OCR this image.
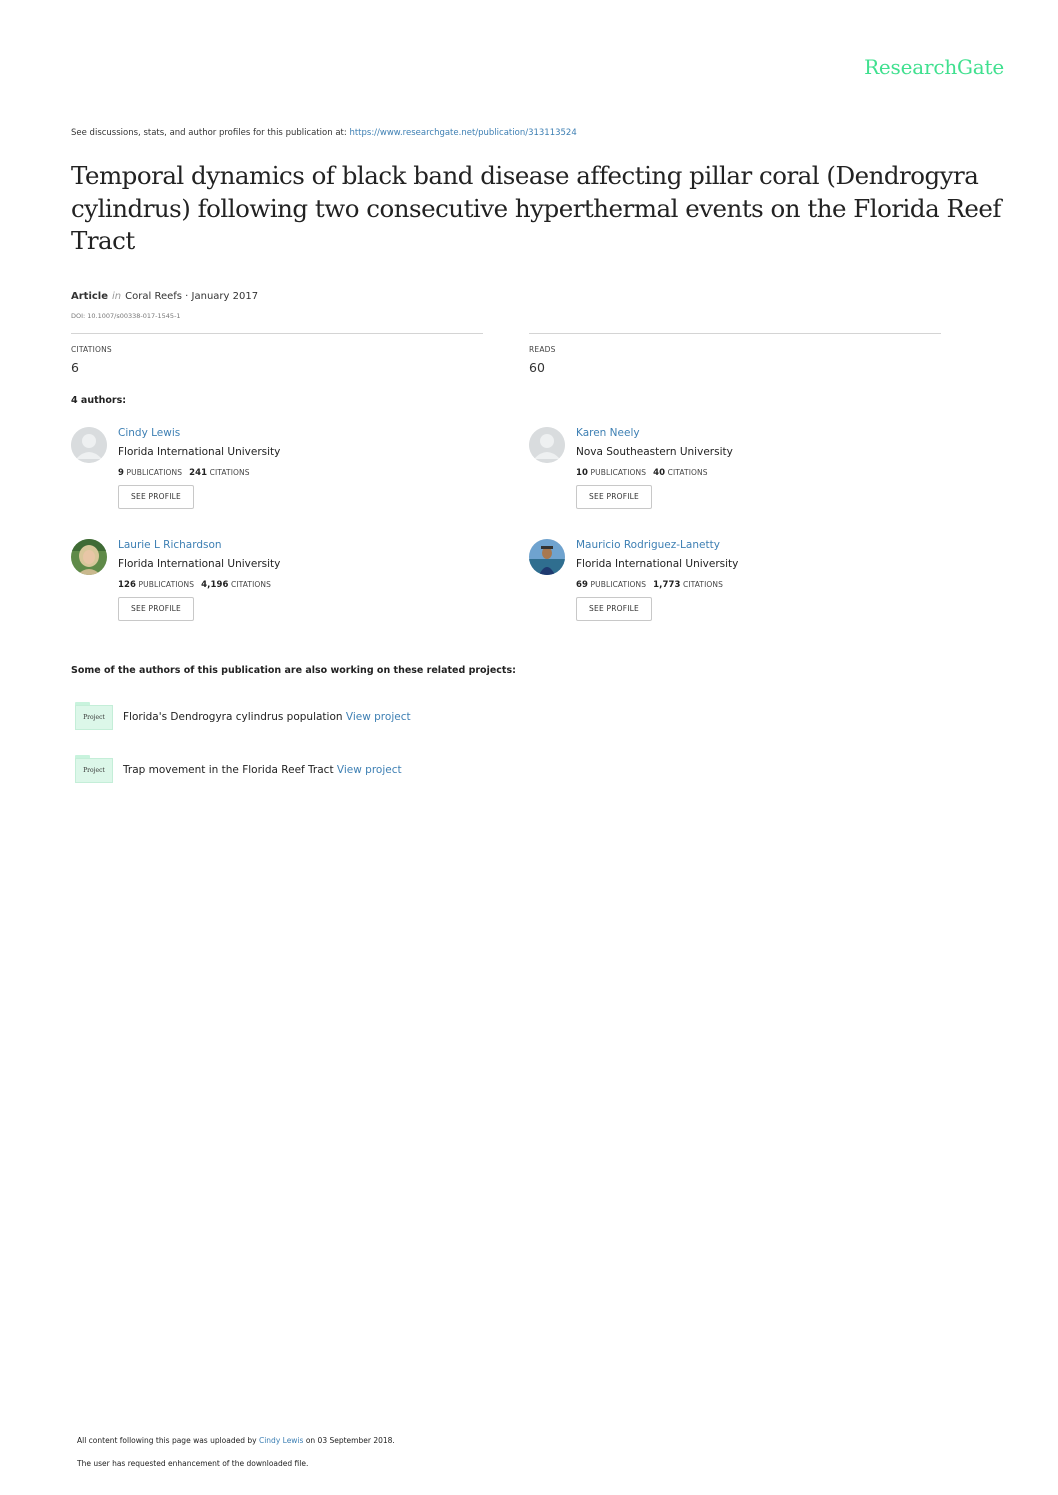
ResearchGate
See discussions, stats, and author profiles for this publication at: https://www.researchgate.net/publication/313113524
Temporal dynamics of black band disease affecting pillar coral (Dendrogyra cylindrus) following two consecutive hyperthermal events on the Florida Reef Tract
Article in Coral Reefs · January 2017
DOI: 10.1007/s00338-017-1545-1
CITATIONS
6
READS
60
4 authors:
Cindy Lewis
Florida International University
9 PUBLICATIONS 241 CITATIONS
SEE PROFILE
Karen Neely
Nova Southeastern University
10 PUBLICATIONS 40 CITATIONS
SEE PROFILE
Laurie L Richardson
Florida International University
126 PUBLICATIONS 4,196 CITATIONS
SEE PROFILE
Mauricio Rodriguez-Lanetty
Florida International University
69 PUBLICATIONS 1,773 CITATIONS
SEE PROFILE
Some of the authors of this publication are also working on these related projects:
Project	Florida's Dendrogyra cylindrus population View project
Project	Trap movement in the Florida Reef Tract View project
All content following this page was uploaded by Cindy Lewis on 03 September 2018.
The user has requested enhancement of the downloaded file.
